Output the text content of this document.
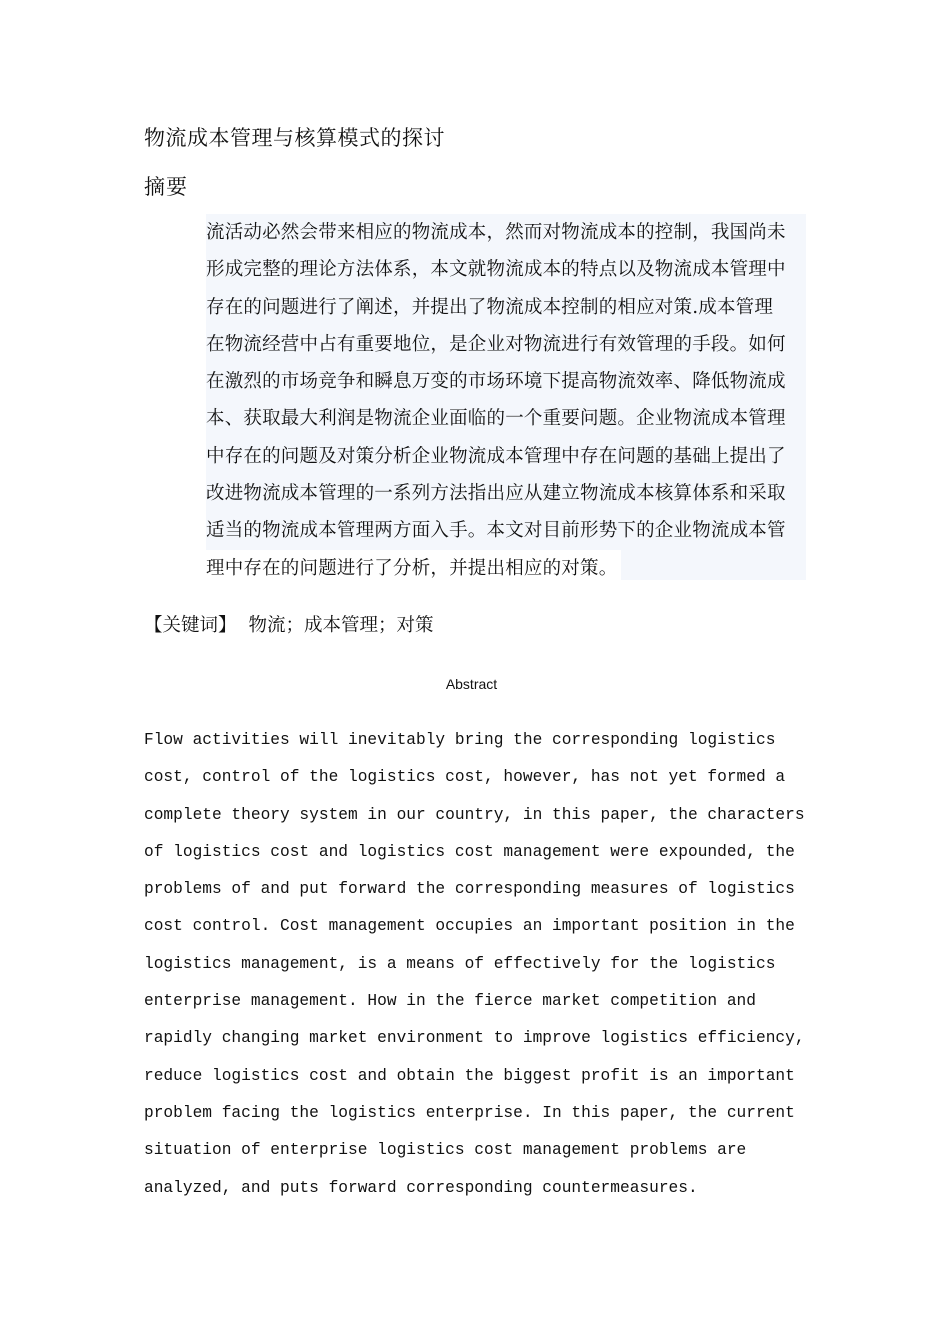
物流成本管理与核算模式的探讨
摘要
流活动必然会带来相应的物流成本，然而对物流成本的控制，我国尚未
形成完整的理论方法体系，本文就物流成本的特点以及物流成本管理中
存在的问题进行了阐述，并提出了物流成本控制的相应对策.成本管理
在物流经营中占有重要地位，是企业对物流进行有效管理的手段。如何
在激烈的市场竞争和瞬息万变的市场环境下提高物流效率、降低物流成
本、获取最大利润是物流企业面临的一个重要问题。企业物流成本管理
中存在的问题及对策分析企业物流成本管理中存在问题的基础上提出了
改进物流成本管理的一系列方法指出应从建立物流成本核算体系和采取
适当的物流成本管理两方面入手。本文对目前形势下的企业物流成本管
理中存在的问题进行了分析，并提出相应的对策。
【关键词】 物流；成本管理；对策
Abstract
Flow activities will inevitably bring the corresponding logistics
cost, control of the logistics cost, however, has not yet formed a
complete theory system in our country, in this paper, the characters
of logistics cost and logistics cost management were expounded, the
problems of and put forward the corresponding measures of logistics
cost control. Cost management occupies an important position in the
logistics management, is a means of effectively for the logistics
enterprise management. How in the fierce market competition and
rapidly changing market environment to improve logistics efficiency,
reduce logistics cost and obtain the biggest profit is an important
problem facing the logistics enterprise. In this paper, the current
situation of enterprise logistics cost management problems are
analyzed, and puts forward corresponding countermeasures.
